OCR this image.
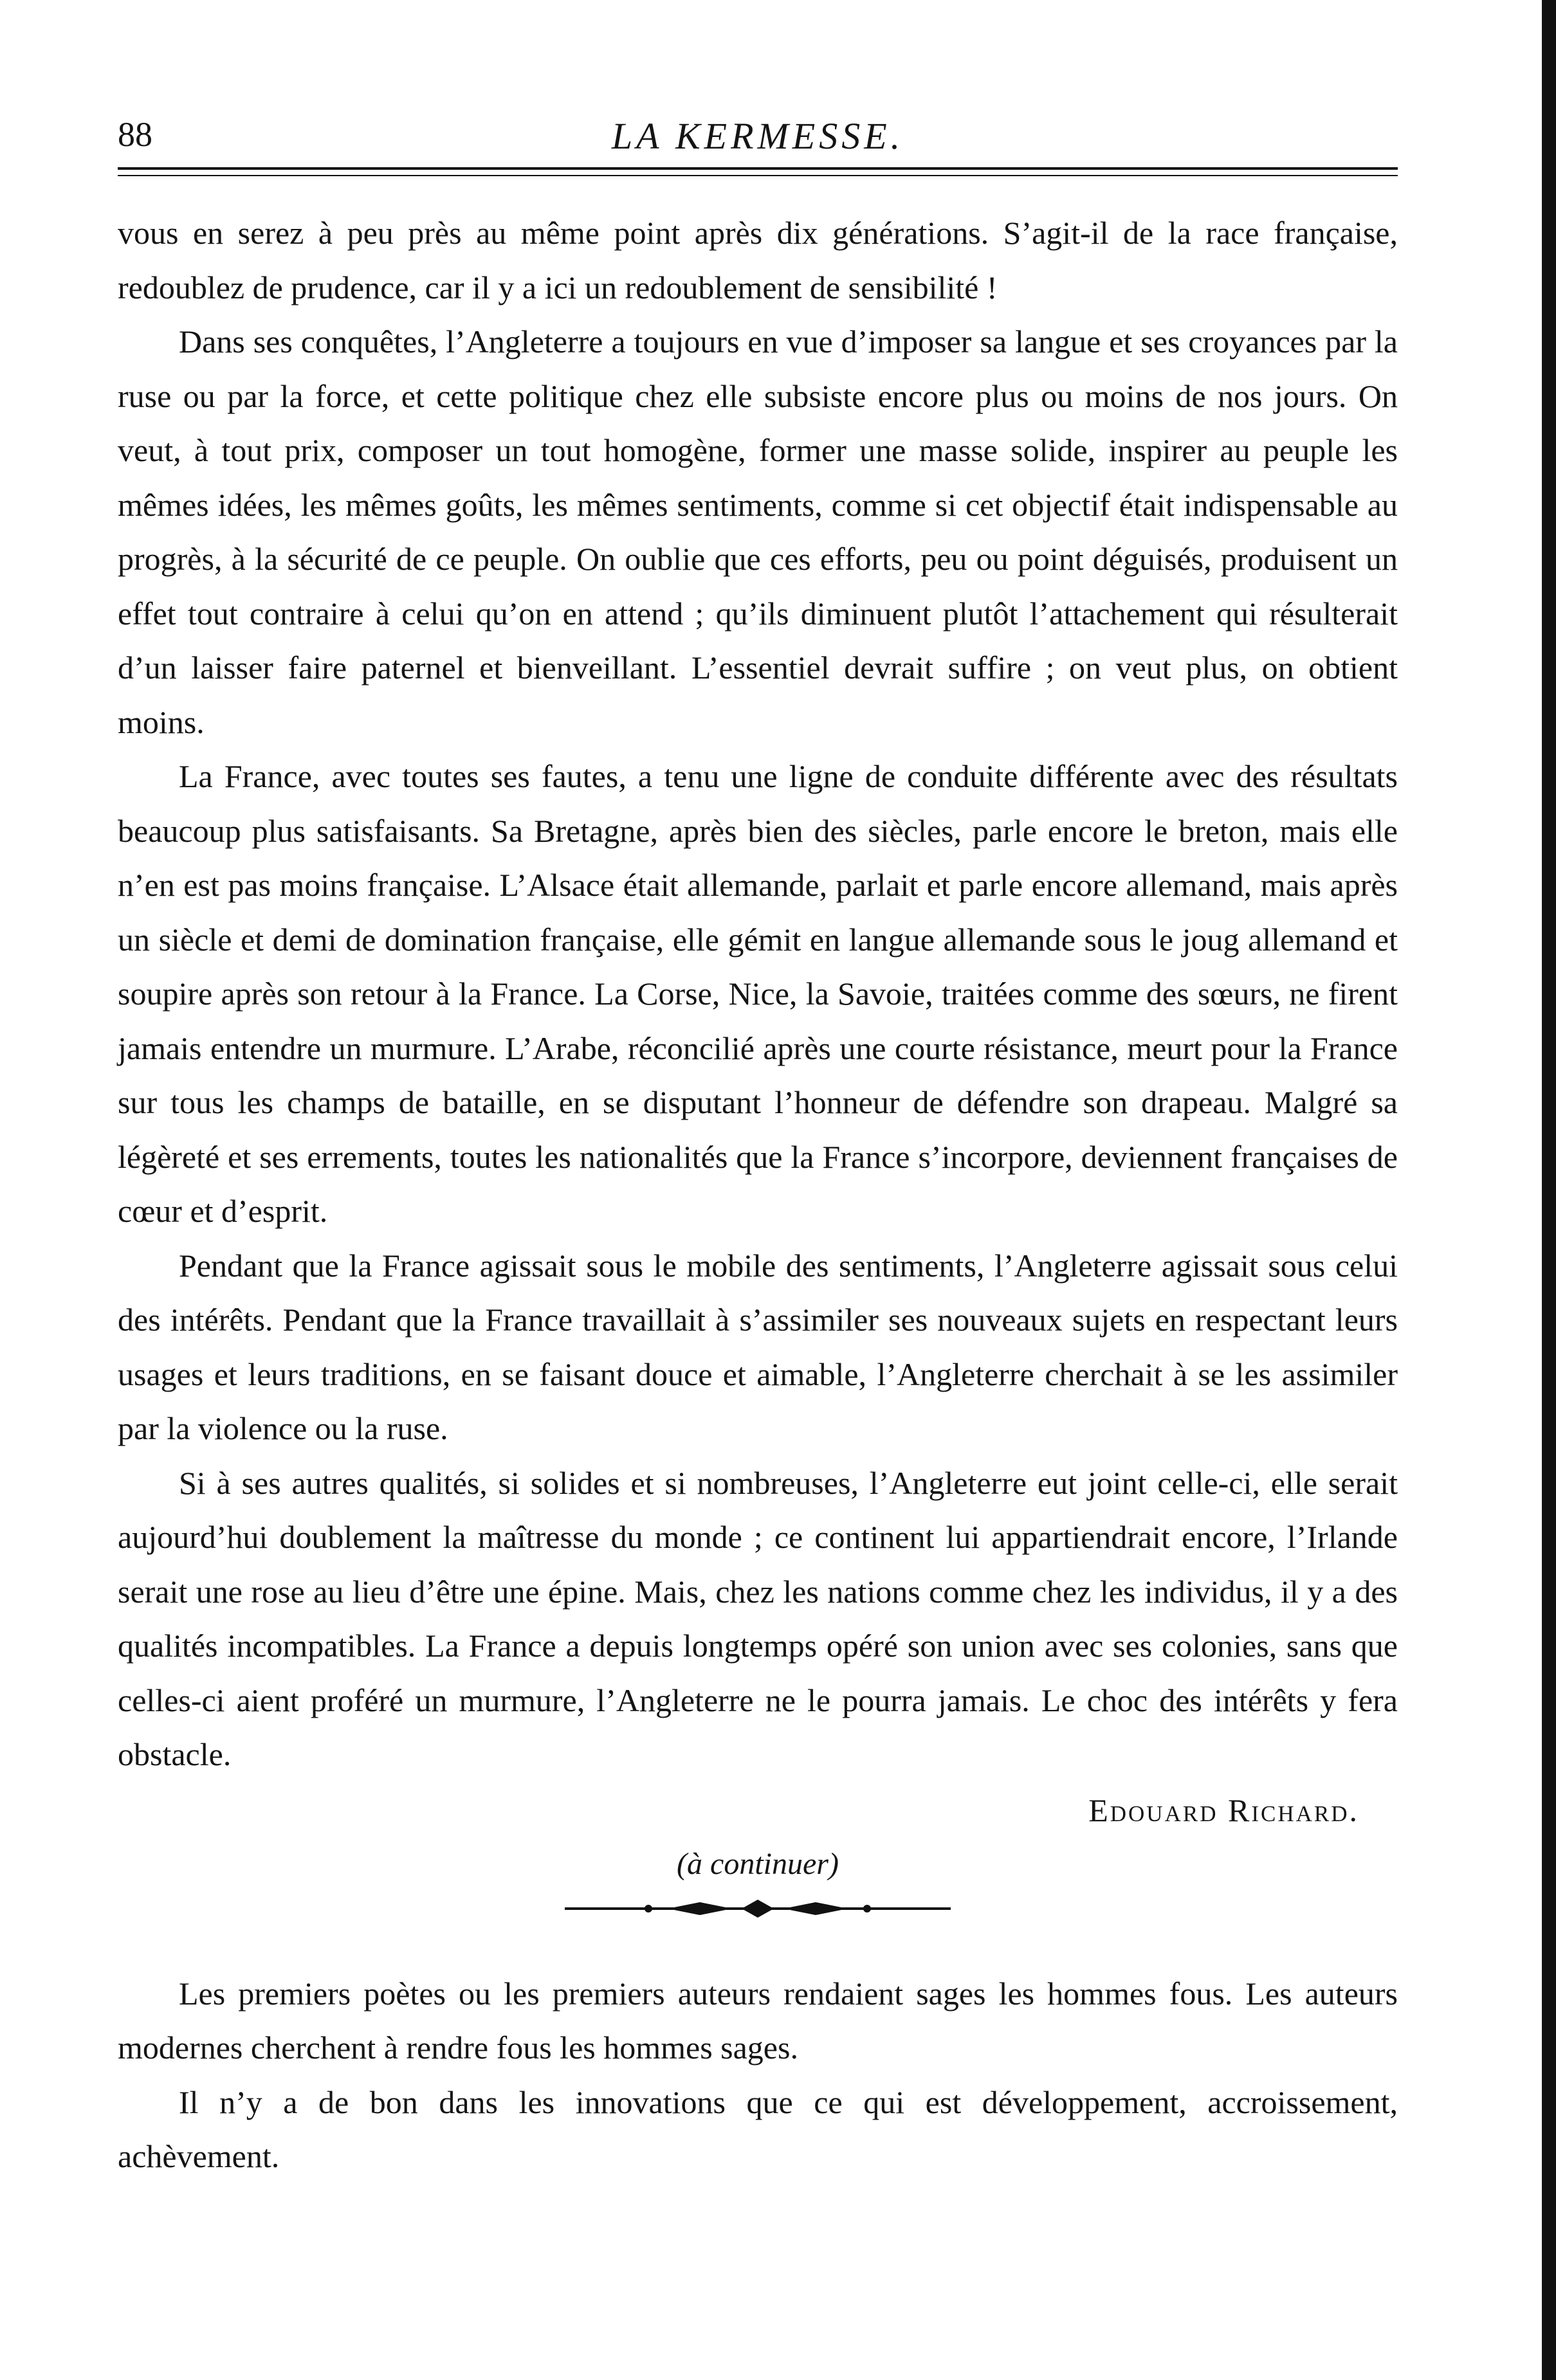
88	LA KERMESSE.

vous en serez à peu près au même point après dix générations. S’agit-il de la race française, redoublez de prudence, car il y a ici un redoublement de sensibilité !

Dans ses conquêtes, l’Angleterre a toujours en vue d’imposer sa langue et ses croyances par la ruse ou par la force, et cette politique chez elle subsiste encore plus ou moins de nos jours. On veut, à tout prix, composer un tout homogène, former une masse solide, inspirer au peuple les mêmes idées, les mêmes goûts, les mêmes sentiments, comme si cet objectif était indispensable au progrès, à la sécurité de ce peuple. On oublie que ces efforts, peu ou point déguisés, produisent un effet tout contraire à celui qu’on en attend ; qu’ils diminuent plutôt l’attachement qui résulterait d’un laisser faire paternel et bienveillant. L’essentiel devrait suffire ; on veut plus, on obtient moins.

La France, avec toutes ses fautes, a tenu une ligne de conduite différente avec des résultats beaucoup plus satisfaisants. Sa Bretagne, après bien des siècles, parle encore le breton, mais elle n’en est pas moins française. L’Alsace était allemande, parlait et parle encore allemand, mais après un siècle et demi de domination française, elle gémit en langue allemande sous le joug allemand et soupire après son retour à la France. La Corse, Nice, la Savoie, traitées comme des sœurs, ne firent jamais entendre un murmure. L’Arabe, réconcilié après une courte résistance, meurt pour la France sur tous les champs de bataille, en se disputant l’honneur de défendre son drapeau. Malgré sa légèreté et ses errements, toutes les nationalités que la France s’incorpore, deviennent françaises de cœur et d’esprit.

Pendant que la France agissait sous le mobile des sentiments, l’Angleterre agissait sous celui des intérêts. Pendant que la France travaillait à s’assimiler ses nouveaux sujets en respectant leurs usages et leurs traditions, en se faisant douce et aimable, l’Angleterre cherchait à se les assimiler par la violence ou la ruse.

Si à ses autres qualités, si solides et si nombreuses, l’Angleterre eut joint celle-ci, elle serait aujourd’hui doublement la maîtresse du monde ; ce continent lui appartiendrait encore, l’Irlande serait une rose au lieu d’être une épine. Mais, chez les nations comme chez les individus, il y a des qualités incompatibles. La France a depuis longtemps opéré son union avec ses colonies, sans que celles-ci aient proféré un murmure, l’Angleterre ne le pourra jamais. Le choc des intérêts y fera obstacle.

Edouard Richard.
(à continuer)

Les premiers poètes ou les premiers auteurs rendaient sages les hommes fous. Les auteurs modernes cherchent à rendre fous les hommes sages.

Il n’y a de bon dans les innovations que ce qui est développement, accroissement, achèvement.
